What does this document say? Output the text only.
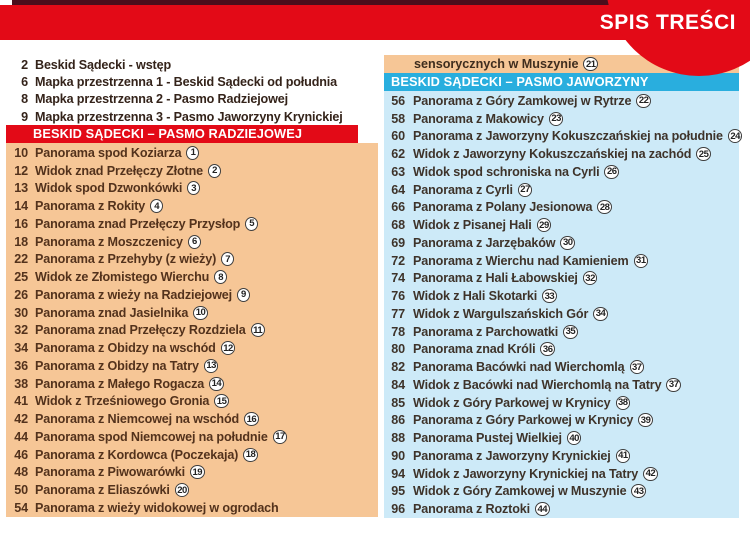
SPIS TREŚCI
2 Beskid Sądecki - wstęp
6 Mapka przestrzenna 1 - Beskid Sądecki od południa
8 Mapka przestrzenna 2 - Pasmo Radziejowej
9 Mapka przestrzenna 3 - Pasmo Jaworzyny Krynickiej
BESKID SĄDECKI – PASMO RADZIEJOWEJ
10 Panorama spod Koziarza 1
12 Widok znad Przełęczy Złotne 2
13 Widok spod Dzwonkówki 3
14 Panorama z Rokity 4
16 Panorama znad Przełęczy Przysłop 5
18 Panorama z Moszczenicy 6
22 Panorama z Przehyby (z wieży) 7
25 Widok ze Złomistego Wierchu 8
26 Panorama z wieży na Radziejowej 9
30 Panorama znad Jasielnika 10
32 Panorama znad Przełęczy Rozdziela 11
34 Panorama z Obidzy na wschód 12
36 Panorama z Obidzy na Tatry 13
38 Panorama z Małego Rogacza 14
41 Widok z Trześniowego Gronia 15
42 Panorama z Niemcowej na wschód 16
44 Panorama spod Niemcowej na południe 17
46 Panorama z Kordowca (Poczekaja) 18
48 Panorama z Piwowarówki 19
50 Panorama z Eliaszówki 20
54 Panorama z wieży widokowej w ogrodach
sensorycznych w Muszynie 21
BESKID SĄDECKI – PASMO JAWORZYNY
56 Panorama z Góry Zamkowej w Rytrze 22
58 Panorama z Makowicy 23
60 Panorama z Jaworzyny Kokuszczańskiej na południe 24
62 Widok z Jaworzyny Kokuszczańskiej na zachód 25
63 Widok spod schroniska na Cyrli 26
64 Panorama z Cyrli 27
66 Panorama z Polany Jesionowa 28
68 Widok z Pisanej Hali 29
69 Panorama z Jarzębaków 30
72 Panorama z Wierchu nad Kamieniem 31
74 Panorama z Hali Łabowskiej 32
76 Widok z Hali Skotarki 33
77 Widok z Wargulszańskich Gór 34
78 Panorama z Parchowatki 35
80 Panorama znad Króli 36
82 Panorama Bacówki nad Wierchomlą 37
84 Widok z Bacówki nad Wierchomlą na Tatry 37
85 Widok z Góry Parkowej w Krynicy 38
86 Panorama z Góry Parkowej w Krynicy 39
88 Panorama Pustej Wielkiej 40
90 Panorama z Jaworzyny Krynickiej 41
94 Widok z Jaworzyny Krynickiej na Tatry 42
95 Widok z Góry Zamkowej w Muszynie 43
96 Panorama z Roztoki 44
